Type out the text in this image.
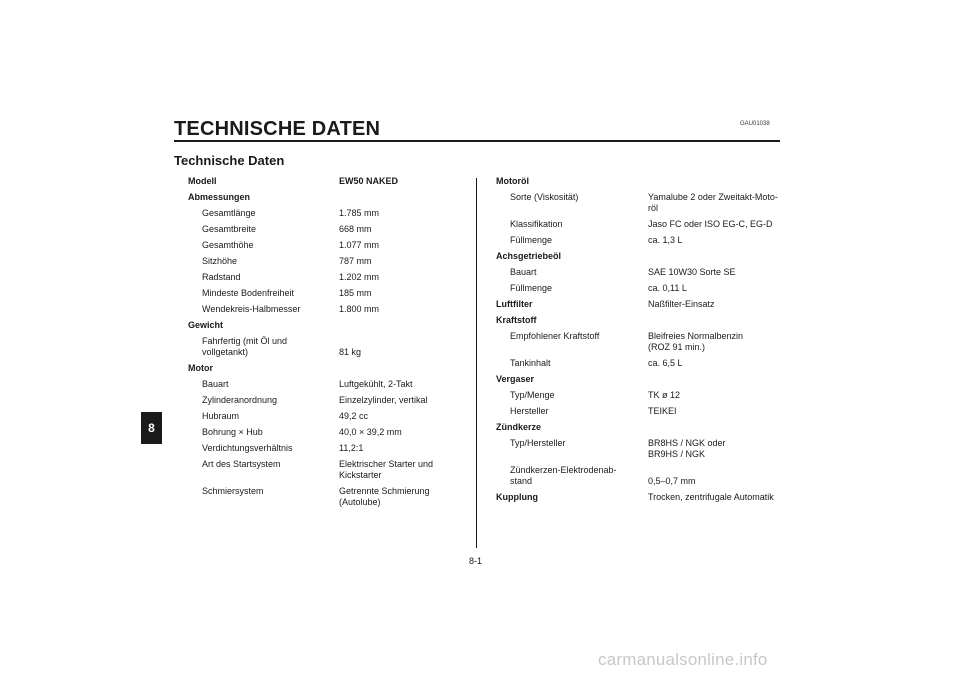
GAU01038
TECHNISCHE DATEN
Technische Daten
8
Modell	EW50 NAKED
Abmessungen
Gesamtlänge	1.785 mm
Gesamtbreite	668 mm
Gesamthöhe	1.077 mm
Sitzhöhe	787 mm
Radstand	1.202 mm
Mindeste Bodenfreiheit	185 mm
Wendekreis-Halbmesser	1.800 mm
Gewicht
Fahrfertig (mit Öl und
vollgetankt)	81 kg
Motor
Bauart	Luftgekühlt, 2-Takt
Zylinderanordnung	Einzelzylinder, vertikal
Hubraum	49,2 cc
Bohrung × Hub	40,0 × 39,2 mm
Verdichtungsverhältnis	11,2:1
Art des Startsystem	Elektrischer Starter und
Kickstarter
Schmiersystem	Getrennte Schmierung
(Autolube)
Motoröl
Sorte (Viskosität)	Yamalube 2 oder Zweitakt-Moto-
röl
Klassifikation	Jaso FC oder ISO EG-C, EG-D
Füllmenge	ca. 1,3 L
Achsgetriebeöl
Bauart	SAE 10W30 Sorte SE
Füllmenge	ca. 0,11 L
Luftfilter	Naßfilter-Einsatz
Kraftstoff
Empfohlener Kraftstoff	Bleifreies Normalbenzin
(ROZ 91 min.)
Tankinhalt	ca. 6,5 L
Vergaser
Typ/Menge	TK ø 12
Hersteller	TEIKEI
Zündkerze
Typ/Hersteller	BR8HS / NGK oder
BR9HS / NGK
Zündkerzen-Elektrodenab-
stand	0,5–0,7 mm
Kupplung	Trocken, zentrifugale Automatik
8-1
carmanualsonline.info
